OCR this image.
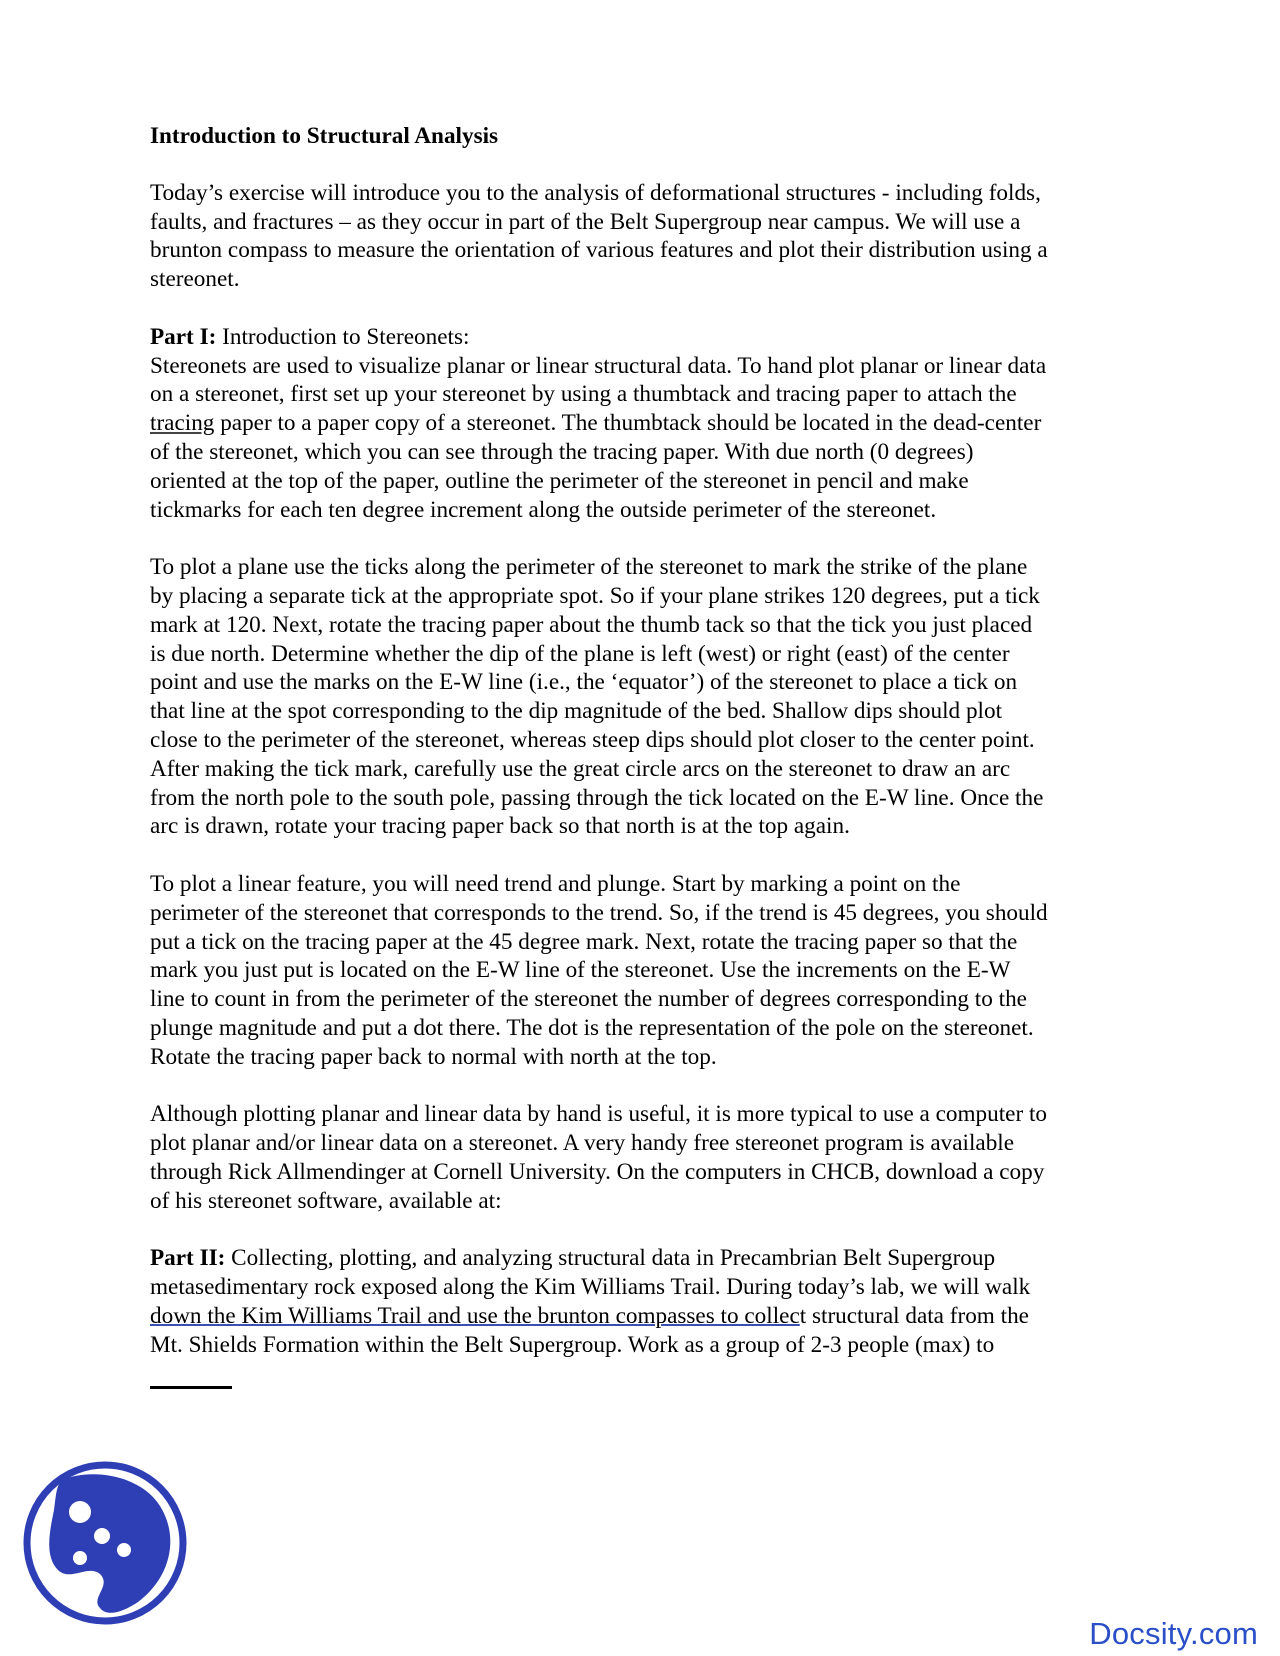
Introduction to Structural Analysis
Today’s exercise will introduce you to the analysis of deformational structures - including folds,
faults, and fractures – as they occur in part of the Belt Supergroup near campus. We will use a
brunton compass to measure the orientation of various features and plot their distribution using a
stereonet.
Part I: Introduction to Stereonets:
Stereonets are used to visualize planar or linear structural data. To hand plot planar or linear data
on a stereonet, first set up your stereonet by using a thumbtack and tracing paper to attach the
tracing paper to a paper copy of a stereonet. The thumbtack should be located in the dead-center
of the stereonet, which you can see through the tracing paper. With due north (0 degrees)
oriented at the top of the paper, outline the perimeter of the stereonet in pencil and make
tickmarks for each ten degree increment along the outside perimeter of the stereonet.
To plot a plane use the ticks along the perimeter of the stereonet to mark the strike of the plane
by placing a separate tick at the appropriate spot. So if your plane strikes 120 degrees, put a tick
mark at 120. Next, rotate the tracing paper about the thumb tack so that the tick you just placed
is due north. Determine whether the dip of the plane is left (west) or right (east) of the center
point and use the marks on the E-W line (i.e., the ‘equator’) of the stereonet to place a tick on
that line at the spot corresponding to the dip magnitude of the bed. Shallow dips should plot
close to the perimeter of the stereonet, whereas steep dips should plot closer to the center point.
After making the tick mark, carefully use the great circle arcs on the stereonet to draw an arc
from the north pole to the south pole, passing through the tick located on the E-W line. Once the
arc is drawn, rotate your tracing paper back so that north is at the top again.
To plot a linear feature, you will need trend and plunge. Start by marking a point on the
perimeter of the stereonet that corresponds to the trend. So, if the trend is 45 degrees, you should
put a tick on the tracing paper at the 45 degree mark. Next, rotate the tracing paper so that the
mark you just put is located on the E-W line of the stereonet. Use the increments on the E-W
line to count in from the perimeter of the stereonet the number of degrees corresponding to the
plunge magnitude and put a dot there. The dot is the representation of the pole on the stereonet.
Rotate the tracing paper back to normal with north at the top.
Although plotting planar and linear data by hand is useful, it is more typical to use a computer to
plot planar and/or linear data on a stereonet. A very handy free stereonet program is available
through Rick Allmendinger at Cornell University. On the computers in CHCB, download a copy
of his stereonet software, available at:
Part II: Collecting, plotting, and analyzing structural data in Precambrian Belt Supergroup
metasedimentary rock exposed along the Kim Williams Trail. During today’s lab, we will walk
down the Kim Williams Trail and use the brunton compasses to collect structural data from the
Mt. Shields Formation within the Belt Supergroup. Work as a group of 2-3 people (max) to
Docsity.com
